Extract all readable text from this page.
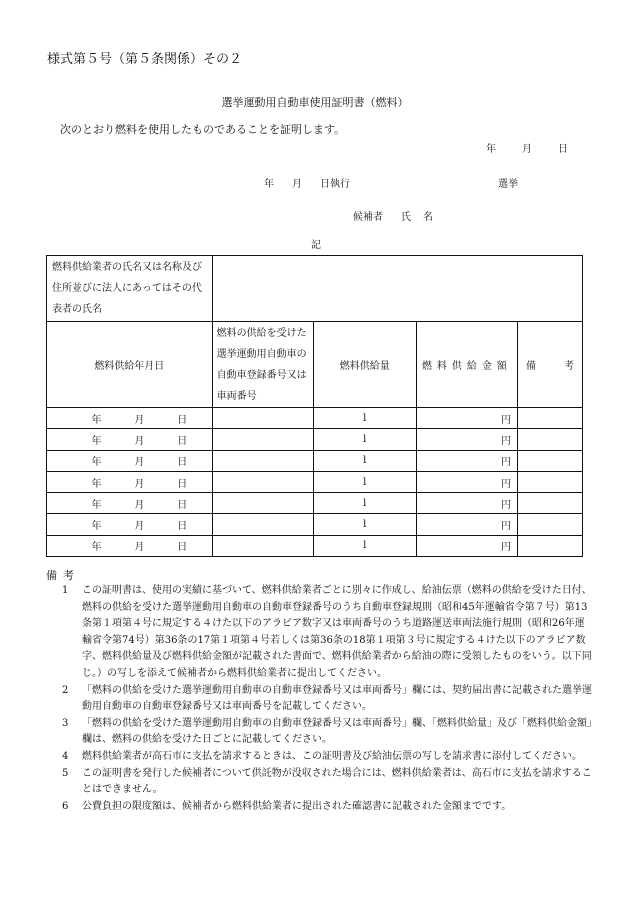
様式第５号（第５条関係）その２
選挙運動用自動車使用証明書（燃料）
次のとおり燃料を使用したものであることを証明します。
年	月	日
年 月 日執行	選挙
候補者 氏 名
記
燃料供給業者の氏名又は名称及び住所並びに法人にあってはその代表者の氏名				

燃料供給年月日	燃料の供給を受けた選挙運動用自動車の自動車登録番号又は車両番号	燃料供給量	燃料供給金額	備 考

年 月 日		l	円	

年 月 日		l	円	

年 月 日		l	円	

年 月 日		l	円	

年 月 日		l	円	

年 月 日		l	円	

年 月 日		l	円	
備考
1	この証明書は、使用の実績に基づいて、燃料供給業者ごとに別々に作成し、給油伝票（燃料の供給を受けた日付、燃料の供給を受けた選挙運動用自動車の自動車登録番号のうち自動車登録規則（昭和45年運輸省令第７号）第13条第１項第４号に規定する４けた以下のアラビア数字又は車両番号のうち道路運送車両法施行規則（昭和26年運輸省令第74号）第36条の17第１項第４号若しくは第36条の18第１項第３号に規定する４けた以下のアラビア数字、燃料供給量及び燃料供給金額が記載された書面で、燃料供給業者から給油の際に受領したものをいう。以下同じ。）の写しを添えて候補者から燃料供給業者に提出してください。
2	「燃料の供給を受けた選挙運動用自動車の自動車登録番号又は車両番号」欄には、契約届出書に記載された選挙運動用自動車の自動車登録番号又は車両番号を記載してください。
3	「燃料の供給を受けた選挙運動用自動車の自動車登録番号又は車両番号」欄、「燃料供給量」及び「燃料供給金額」欄は、燃料の供給を受けた日ごとに記載してください。
4	燃料供給業者が高石市に支払を請求するときは、この証明書及び給油伝票の写しを請求書に添付してください。
5	この証明書を発行した候補者について供託物が没収された場合には、燃料供給業者は、高石市に支払を請求することはできません。
6	公費負担の限度額は、候補者から燃料供給業者に提出された確認書に記載された金額までです。
